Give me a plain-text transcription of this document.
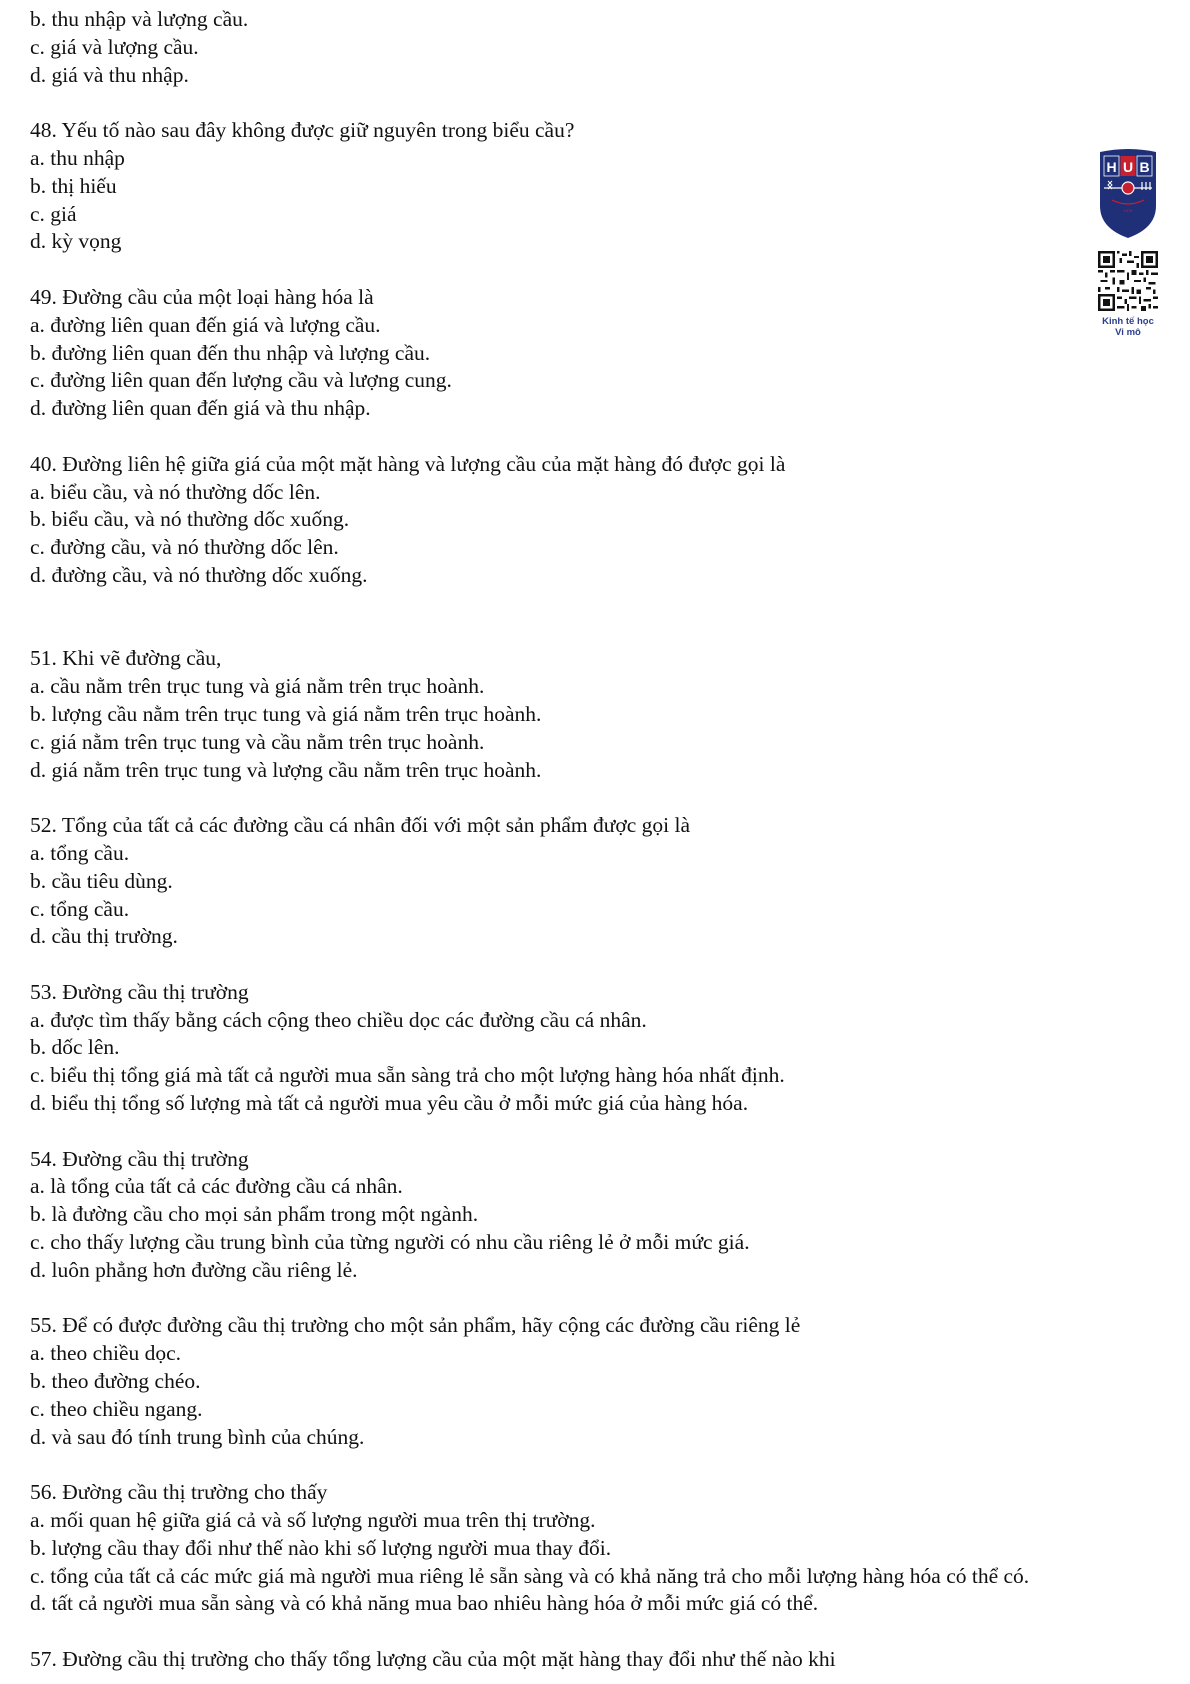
b. thu nhập và lượng cầu.
c. giá và lượng cầu.
d. giá và thu nhập.
48. Yếu tố nào sau đây không được giữ nguyên trong biểu cầu?
a. thu nhập
b. thị hiếu
c. giá
d. kỳ vọng
49. Đường cầu của một loại hàng hóa là
a. đường liên quan đến giá và lượng cầu.
b. đường liên quan đến thu nhập và lượng cầu.
c. đường liên quan đến lượng cầu và lượng cung.
d. đường liên quan đến giá và thu nhập.
40. Đường liên hệ giữa giá của một mặt hàng và lượng cầu của mặt hàng đó được gọi là
a. biểu cầu, và nó thường dốc lên.
b. biểu cầu, và nó thường dốc xuống.
c. đường cầu, và nó thường dốc lên.
d. đường cầu, và nó thường dốc xuống.
51. Khi vẽ đường cầu,
a. cầu nằm trên trục tung và giá nằm trên trục hoành.
b. lượng cầu nằm trên trục tung và giá nằm trên trục hoành.
c. giá nằm trên trục tung và cầu nằm trên trục hoành.
d. giá nằm trên trục tung và lượng cầu nằm trên trục hoành.
52. Tổng của tất cả các đường cầu cá nhân đối với một sản phẩm được gọi là
a. tổng cầu.
b. cầu tiêu dùng.
c. tổng cầu.
d. cầu thị trường.
53. Đường cầu thị trường
a. được tìm thấy bằng cách cộng theo chiều dọc các đường cầu cá nhân.
b. dốc lên.
c. biểu thị tổng giá mà tất cả người mua sẵn sàng trả cho một lượng hàng hóa nhất định.
d. biểu thị tổng số lượng mà tất cả người mua yêu cầu ở mỗi mức giá của hàng hóa.
54. Đường cầu thị trường
a. là tổng của tất cả các đường cầu cá nhân.
b. là đường cầu cho mọi sản phẩm trong một ngành.
c. cho thấy lượng cầu trung bình của từng người có nhu cầu riêng lẻ ở mỗi mức giá.
d. luôn phẳng hơn đường cầu riêng lẻ.
55. Để có được đường cầu thị trường cho một sản phẩm, hãy cộng các đường cầu riêng lẻ
a. theo chiều dọc.
b. theo đường chéo.
c. theo chiều ngang.
d. và sau đó tính trung bình của chúng.
56. Đường cầu thị trường cho thấy
a. mối quan hệ giữa giá cả và số lượng người mua trên thị trường.
b. lượng cầu thay đổi như thế nào khi số lượng người mua thay đổi.
c. tổng của tất cả các mức giá mà người mua riêng lẻ sẵn sàng và có khả năng trả cho mỗi lượng hàng hóa có thể có.
d. tất cả người mua sẵn sàng và có khả năng mua bao nhiêu hàng hóa ở mỗi mức giá có thể.
57. Đường cầu thị trường cho thấy tổng lượng cầu của một mặt hàng thay đổi như thế nào khi
H U B
1976

Kinh tế học
Vi mô
